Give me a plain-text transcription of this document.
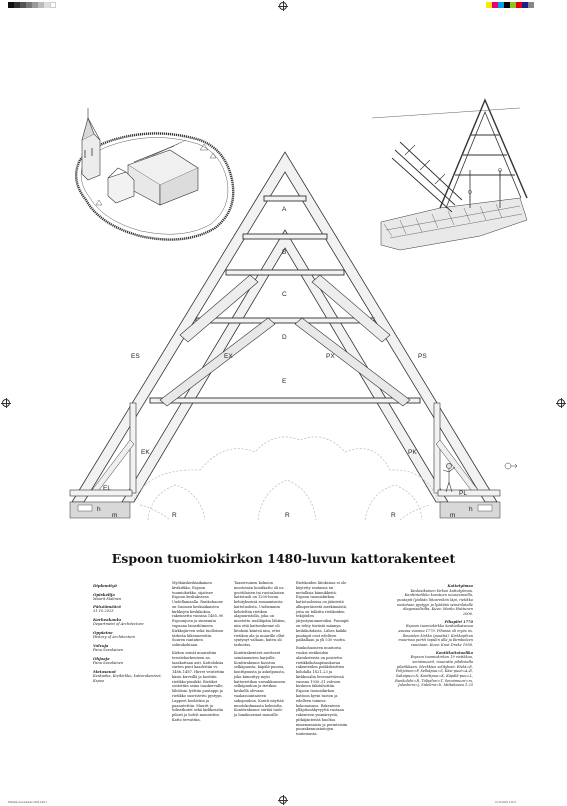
A
B
C
D
E
ES	EX	PX	PS
EK	PK
EL
PL
h
m
h
m
R	R	R
Espoon tuomiokirkon 1480-luvun kattorakenteet
Diplomityö
Opiskelija
Maarit Malinen
Päiväämäärä
31.10.2023
Korkeakoulu
Department of Architecture
Oppiaine
History of Architecture
Valvoja
Panu Savolainen
Ohjaaja
Panu Savolainen
Metasanat
Keskiaika, Kivikirkko, kattorakenteet, Espoo

Myöhäiskeskiaikainen kivikirkko, Espoon tuomiokirkko, sijaitsee Espoon keskuksessa Uudellamaalla. Runkohuone on Suomen keskiaikaisten kirkkojen keskikokoa, rakennettu vuosina 1485–90 Espoonjoen ja sinnemiin vapaana laineihtimeen Kirkkojärven sekä tuolloisen tärkeän liikennereitin. Suuren rantatien solmukohtaan.

Kirkon seinät muurattiin teroitekorkeuteen ns. taaskattaan asti. Kattoloksia varten puut kaadettiin vv. 1486–1487. Hirret veistettiin käsin kirveillä ja koottiin rietikko-pissikki. Rietikot sostettiin seina taaskervalle, lähtöisin lyöttiin puutappi ja rietikko suoristettu pystyyn. Lappeet koolattiin ja paanutettiin. Muurit ja tiilisetkutet sekä kirkkosalin pilarit ja holvit muurattiin. Katto tervattiin.

Taaseivuinen kolmion muotoinen kontikatto oli ns. goottilaisen tai ruotsalaisen kattotuoli on 1200-luvun kehityksensä romaanisesta kattotuolista. Uudiemmin kehdeltiin rietikon alapuuristolla, joka on muotettu sisältäpäin lähtien, niin että kattorakenne oli liitoksin kiinteä niin, ettei rietikon ala-ja muurille ollut syntynyt valtaan, kuten oli tarkoitus.

Konttirakenteet asettuvat seinämuurien harjoille. Konttirakenne koostuu selkäpuusta, käpälä-puusta, konttipuusta ja askelpuusta, joka kiinnittyy myös kattorietikon varsakkuuseen selkäpuuhun ja rietikon keskellä olevaan vaakasuuntaiseen sakopuuhun. Kontti näyttää muotokolmaasta kolmiolta. Kontitrakenne siirtää tuuli- ja lumikuormat muurille.

Rietikoiden liitoksissa ei ole käytetty rautaisia tai metallisia kiinnikkeitä. Espoon tuomiokirkon kattotuoleissa on jäänteitä alkuperäisestä merkinnästä, joita on tulkittu rietikoiden tekijöiden järjestysnumeroiksi. Puutapit on tehty tiiviistä männyn keskikohdasta. Lähes kaikki puutapit ovat edelleen paikallaan ja yli 530 vuotta.

Runkohuoneen muutosta vuoksi rietikoiden alaraketeista on poistettu rietikköholaapisuukuvaa rakenteiden poikkileisttien kohdalla 1821–23 ja kirkkosalin levennettäessä vuonna 1930–31 valvoen koskeen täkituhottiin. Espoon tuomiokirkon kattoon kyvin tuoton ja edelleen toimiva kokonaisuus. Rakenteen ylläpitonäkyvyyttä vastaan rakenteen ymmärrystä, pitkäjänteistä huoltoa nimenomaista ja perinteisiin puurakennustaitojen tuntemusta.

Kattotyömaa
Keskiaikainen kirkon kattotyömaa. Konttirietikko koostuen nousevarsilla, puutapit lyödään liitosreikiin läpi, rietikko nostetaan pystyyn ja lyödään seinänlatalle diagonaalisilta. Kuva: Marko Huttunen 2006.
Pihapiiri 1770
Espoon tuomiokirkko keskiaikaisessa asussa vuonna 1770. Pihassa oli myös ns. Ilmaisten kirkko (puuttiä). Kirkkopihan muurissa portti tapulin alla ja Bembeleen suuntaan. Kuva: Knut Drake 1958.
Konttikattotuoliko
Espoon tuomiokirkon 19 rietikkoa, seinämuurit, muurattu pilalistalla pilatikkaan. Merkkien selitykset: Etelä=E, Pohjoinen=P, Selkäpuu=S, Käsi-puut=A–E, Sakaipuu=X, Konttipuu=K, Käpälä-puu=L, Runkolohi=R, Tiilipilari=T, Seinämuuri=m, Jalushirsi=j, Sidelirsi=h. Mittakaava 1:25
Pitkätöä tuomiokirkko 2023.indd 1	31.10.2023 1:01:4
